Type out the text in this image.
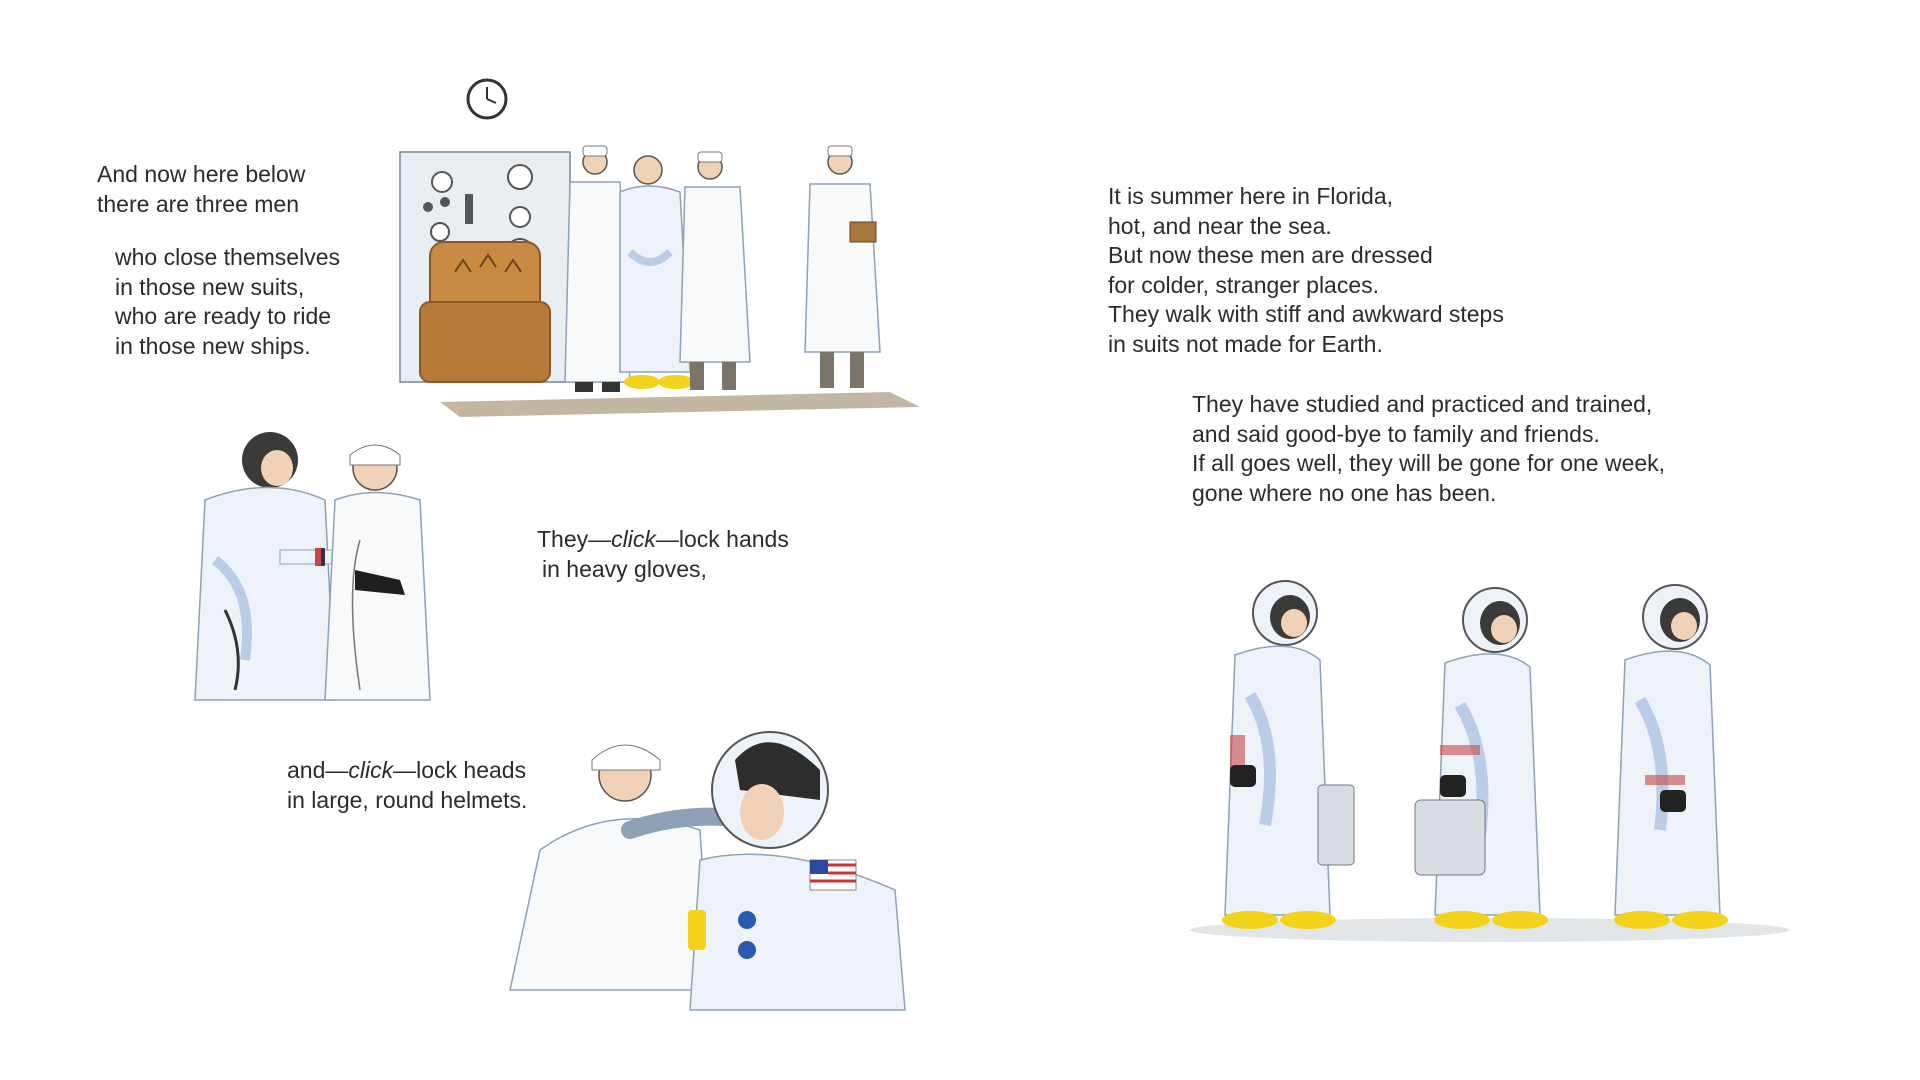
And now here below
there are three men
who close themselves
in those new suits,
who are ready to ride
in those new ships.
They—click—lock hands
in heavy gloves,
and—click—lock heads
in large, round helmets.
It is summer here in Florida,
hot, and near the sea.
But now these men are dressed
for colder, stranger places.
They walk with stiff and awkward steps
in suits not made for Earth.
They have studied and practiced and trained,
and said good-bye to family and friends.
If all goes well, they will be gone for one week,
gone where no one has been.
